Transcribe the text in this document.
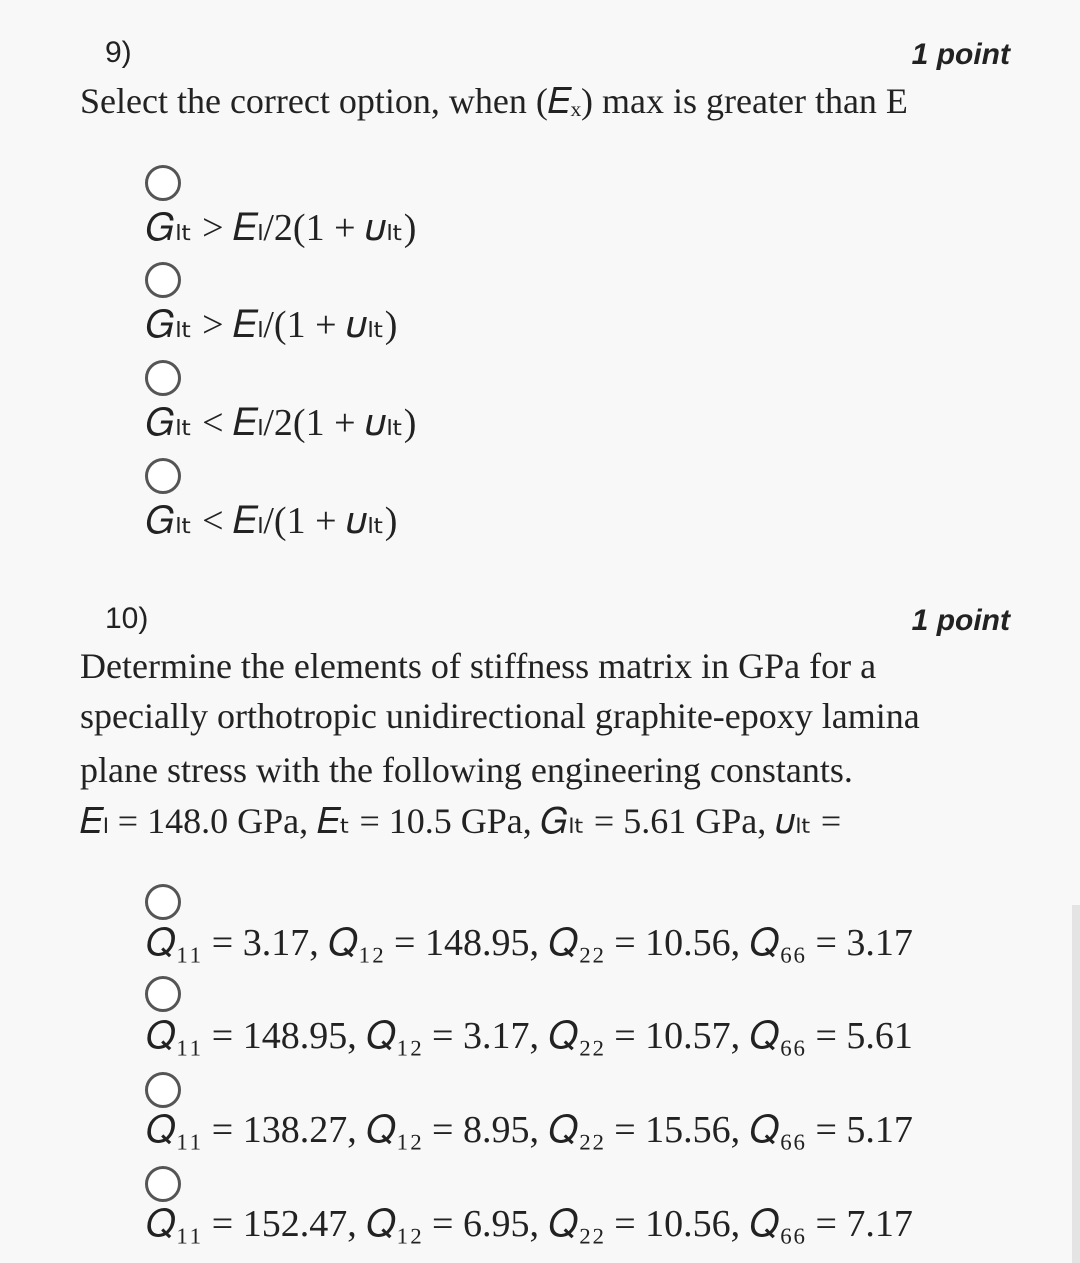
9)	1 point
Select the correct option, when (𝐸ₓ) max is greater than E
𝐺ₗₜ > 𝐸ₗ/2(1 + 𝜐ₗₜ)
𝐺ₗₜ > 𝐸ₗ/(1 + 𝜐ₗₜ)
𝐺ₗₜ < 𝐸ₗ/2(1 + 𝜐ₗₜ)
𝐺ₗₜ < 𝐸ₗ/(1 + 𝜐ₗₜ)
10)	1 point
Determine the elements of stiffness matrix in GPa for a
specially orthotropic unidirectional graphite-epoxy lamina
plane stress with the following engineering constants.
𝐸ₗ = 148.0 GPa, 𝐸ₜ = 10.5 GPa, 𝐺ₗₜ = 5.61 GPa, 𝜐ₗₜ =
𝑄₁₁ = 3.17, 𝑄₁₂ = 148.95, 𝑄₂₂ = 10.56, 𝑄₆₆ = 3.17
𝑄₁₁ = 148.95, 𝑄₁₂ = 3.17, 𝑄₂₂ = 10.57, 𝑄₆₆ = 5.61
𝑄₁₁ = 138.27, 𝑄₁₂ = 8.95, 𝑄₂₂ = 15.56, 𝑄₆₆ = 5.17
𝑄₁₁ = 152.47, 𝑄₁₂ = 6.95, 𝑄₂₂ = 10.56, 𝑄₆₆ = 7.17
